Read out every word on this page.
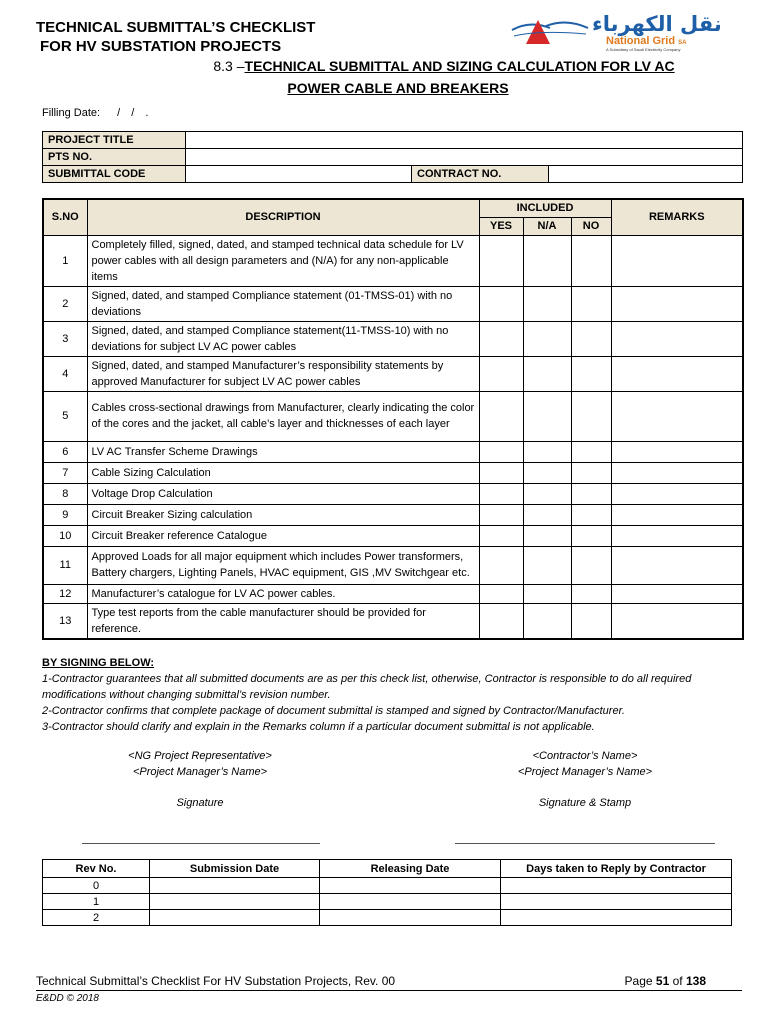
TECHNICAL SUBMITTAL’S CHECKLIST
FOR HV SUBSTATION PROJECTS
نقل الكهرباء
National Grid SA
A Subsidiary of Saudi Electricity Company
8.3 –TECHNICAL SUBMITTAL AND SIZING CALCULATION FOR LV AC
POWER CABLE AND BREAKERS
Filling Date: / / .
PROJECT TITLE			
PTS NO.			
SUBMITTAL CODE		CONTRACT NO.	
S.NO	DESCRIPTION	INCLUDED			REMARKS
		YES	N/A	NO	
1	Completely filled, signed, dated, and stamped technical data schedule for LV power cables with all design parameters and (N/A) for any non-applicable items				
2	Signed, dated, and stamped Compliance statement (01-TMSS-01) with no deviations				
3	Signed, dated, and stamped Compliance statement(11-TMSS-10) with no deviations for subject LV AC power cables				
4	Signed, dated, and stamped Manufacturer’s responsibility statements by approved Manufacturer for subject LV AC power cables				
5	Cables cross-sectional drawings from Manufacturer, clearly indicating the color of the cores and the jacket, all cable’s layer and thicknesses of each layer				
6	LV AC Transfer Scheme Drawings				
7	Cable Sizing Calculation				
8	Voltage Drop Calculation				
9	Circuit Breaker Sizing calculation				
10	Circuit Breaker reference Catalogue				
11	Approved Loads for all major equipment which includes Power transformers, Battery chargers, Lighting Panels, HVAC equipment, GIS ,MV Switchgear etc.				
12	Manufacturer’s catalogue for LV AC power cables.				
13	Type test reports from the cable manufacturer should be provided for reference.				
BY SIGNING BELOW:
1-Contractor guarantees that all submitted documents are as per this check list, otherwise, Contractor is responsible to do all required modifications without changing submittal’s revision number.
2-Contractor confirms that complete package of document submittal is stamped and signed by Contractor/Manufacturer.
3-Contractor should clarify and explain in the Remarks column if a particular document submittal is not applicable.
<NG Project Representative>
<Project Manager’s Name>
<Contractor’s Name>
<Project Manager’s Name>
Signature	Signature & Stamp
Rev No.	Submission Date	Releasing Date	Days taken to Reply by Contractor
0			
1			
2			
Technical Submittal’s Checklist For HV Substation Projects, Rev. 00	Page 51 of 138
E&DD © 2018
